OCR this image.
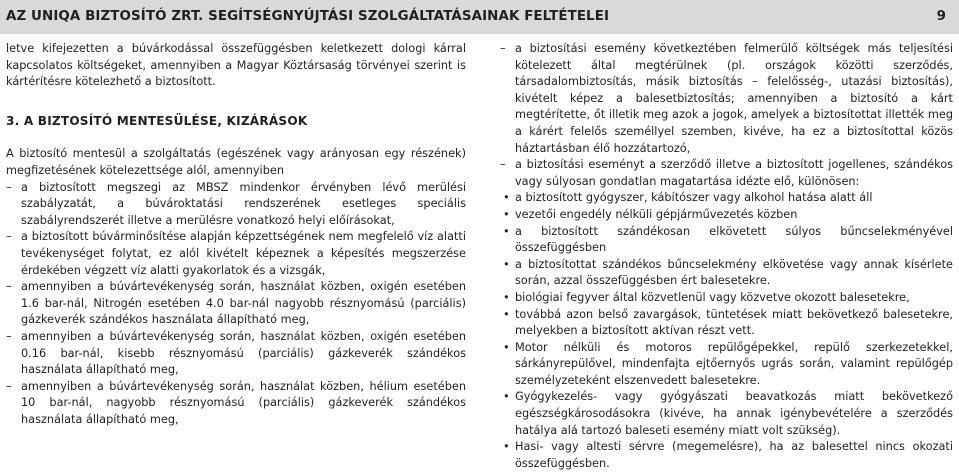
AZ UNIQA BIZTOSÍTÓ ZRT. SEGÍTSÉGNYÚJTÁSI SZOLGÁLTATÁSAINAK FELTÉTELEI	9

letve kifejezetten a búvárkodással összefüggésben keletkezett dologi kárral kapcsolatos költségeket, amennyiben a Magyar Köztársaság törvényei szerint is kártérítésre kötelezhető a biztosított.

3. A BIZTOSÍTÓ MENTESÜLÉSE, KIZÁRÁSOK

A biztosító mentesül a szolgáltatás (egészének vagy arányosan egy részének) megfizetésének kötelezettsége alól, amennyiben

– a biztosított megszegi az MBSZ mindenkor érvényben lévő merülési szabályzatát, a búvároktatási rendszerének esetleges speciális szabályrendszerét illetve a merülésre vonatkozó helyi előírásokat,
– a biztosított búvárminősítése alapján képzettségének nem megfelelő víz alatti tevékenységet folytat, ez alól kivételt képeznek a képesítés megszerzése érdekében végzett víz alatti gyakorlatok és a vizsgák,
– amennyiben a búvártevékenység során, használat közben, oxigén esetében 1.6 bar-nál, Nitrogén esetében 4.0 bar-nál nagyobb résznyomású (parciális) gázkeverék szándékos használata állapítható meg,
– amennyiben a búvártevékenység során, használat közben, oxigén esetében 0.16 bar-nál, kisebb résznyomású (parciális) gázkeverék szándékos használata állapítható meg,
– amennyiben a búvártevékenység során, használat közben, hélium esetében 10 bar-nál, nagyobb résznyomású (parciális) gázkeverék szándékos használata állapítható meg,
– a biztosítási esemény következtében felmerülő költségek más teljesítési kötelezett által megtérülnek (pl. országok közötti szerződés, társadalombiztosítás, másik biztosítás – felelősség-, utazási biztosítás), kivételt képez a balesetbiztosítás; amennyiben a biztosító a kárt megtérítette, őt illetik meg azok a jogok, amelyek a biztosítottat illették meg a kárért felelős személlyel szemben, kivéve, ha ez a biztosítottal közös háztartásban élő hozzátartozó,
– a biztosítási eseményt a szerződő illetve a biztosított jogellenes, szándékos vagy súlyosan gondatlan magatartása idézte elő, különösen:
• a biztosított gyógyszer, kábítószer vagy alkohol hatása alatt áll
• vezetői engedély nélküli gépjárművezetés közben
• a biztosított szándékosan elkövetett súlyos bűncselekményével összefüggésben
• a biztosítottat szándékos bűncselekmény elkövetése vagy annak kísérlete során, azzal összefüggésben ért balesetekre.
• biológiai fegyver által közvetlenül vagy közvetve okozott balesetekre,
• továbbá azon belső zavargások, tüntetések miatt bekövetkező balesetekre, melyekben a biztosított aktívan részt vett.
• Motor nélküli és motoros repülőgépekkel, repülő szerkezetekkel, sárkányrepülővel, mindenfajta ejtőernyős ugrás során, valamint repülőgép személyzeteként elszenvedett balesetekre.
• Gyógykezelés- vagy gyógyászati beavatkozás miatt bekövetkező egészségkárosodásokra (kivéve, ha annak igénybevételére a szerződés hatálya alá tartozó baleseti esemény miatt volt szükség).
• Hasi- vagy altesti sérvre (megemelésre), ha az balesettel nincs okozati összefüggésben.
